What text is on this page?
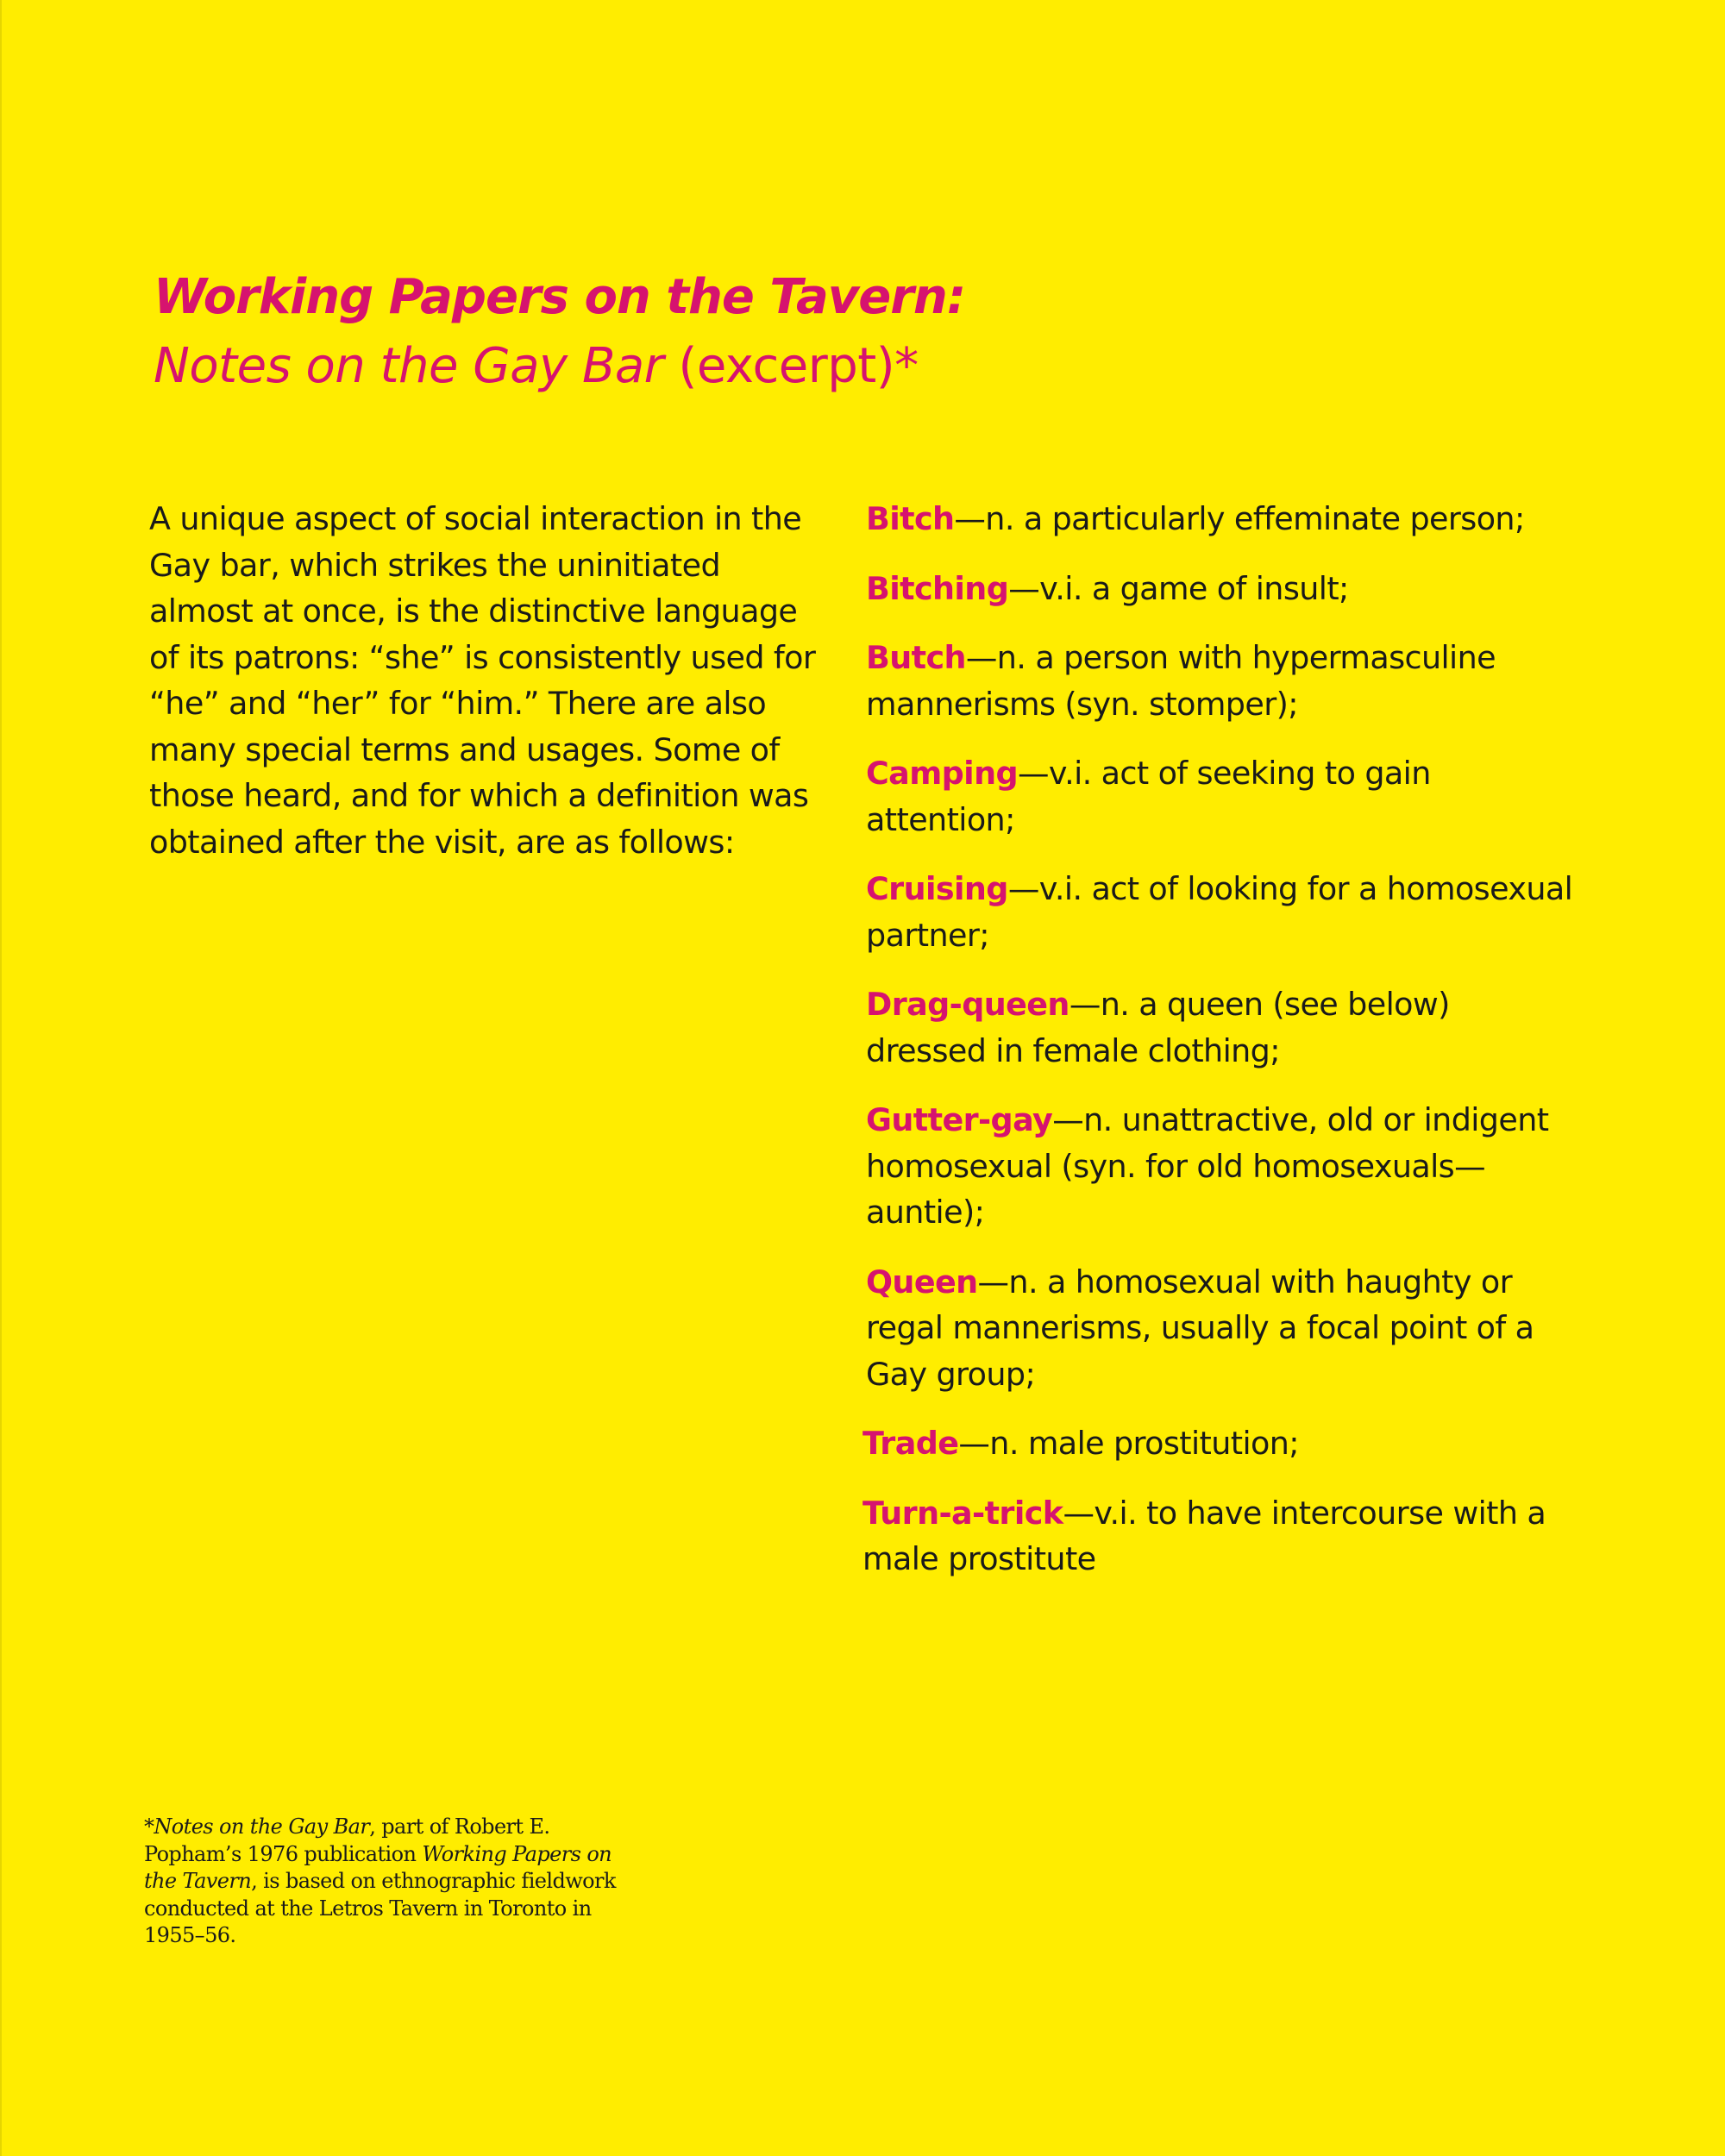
Working Papers on the Tavern:
Notes on the Gay Bar (excerpt)*

A unique aspect of social interaction in the Gay bar, which strikes the uninitiated almost at once, is the distinctive language of its patrons: “she” is consistently used for “he” and “her” for “him.” There are also many special terms and usages. Some of those heard, and for which a definition was obtained after the visit, are as follows:

Bitch—n. a particularly effeminate person;

Bitching—v.i. a game of insult;

Butch—n. a person with hypermasculine mannerisms (syn. stomper);

Camping—v.i. act of seeking to gain attention;

Cruising—v.i. act of looking for a homosexual partner;

Drag-queen—n. a queen (see below) dressed in female clothing;

Gutter-gay—n. unattractive, old or indigent homosexual (syn. for old homosexuals—auntie);

Queen—n. a homosexual with haughty or regal mannerisms, usually a focal point of a Gay group;

Trade—n. male prostitution;

Turn-a-trick—v.i. to have intercourse with a male prostitute

*Notes on the Gay Bar, part of Robert E. Popham’s 1976 publication Working Papers on the Tavern, is based on ethnographic fieldwork conducted at the Letros Tavern in Toronto in 1955–56.
